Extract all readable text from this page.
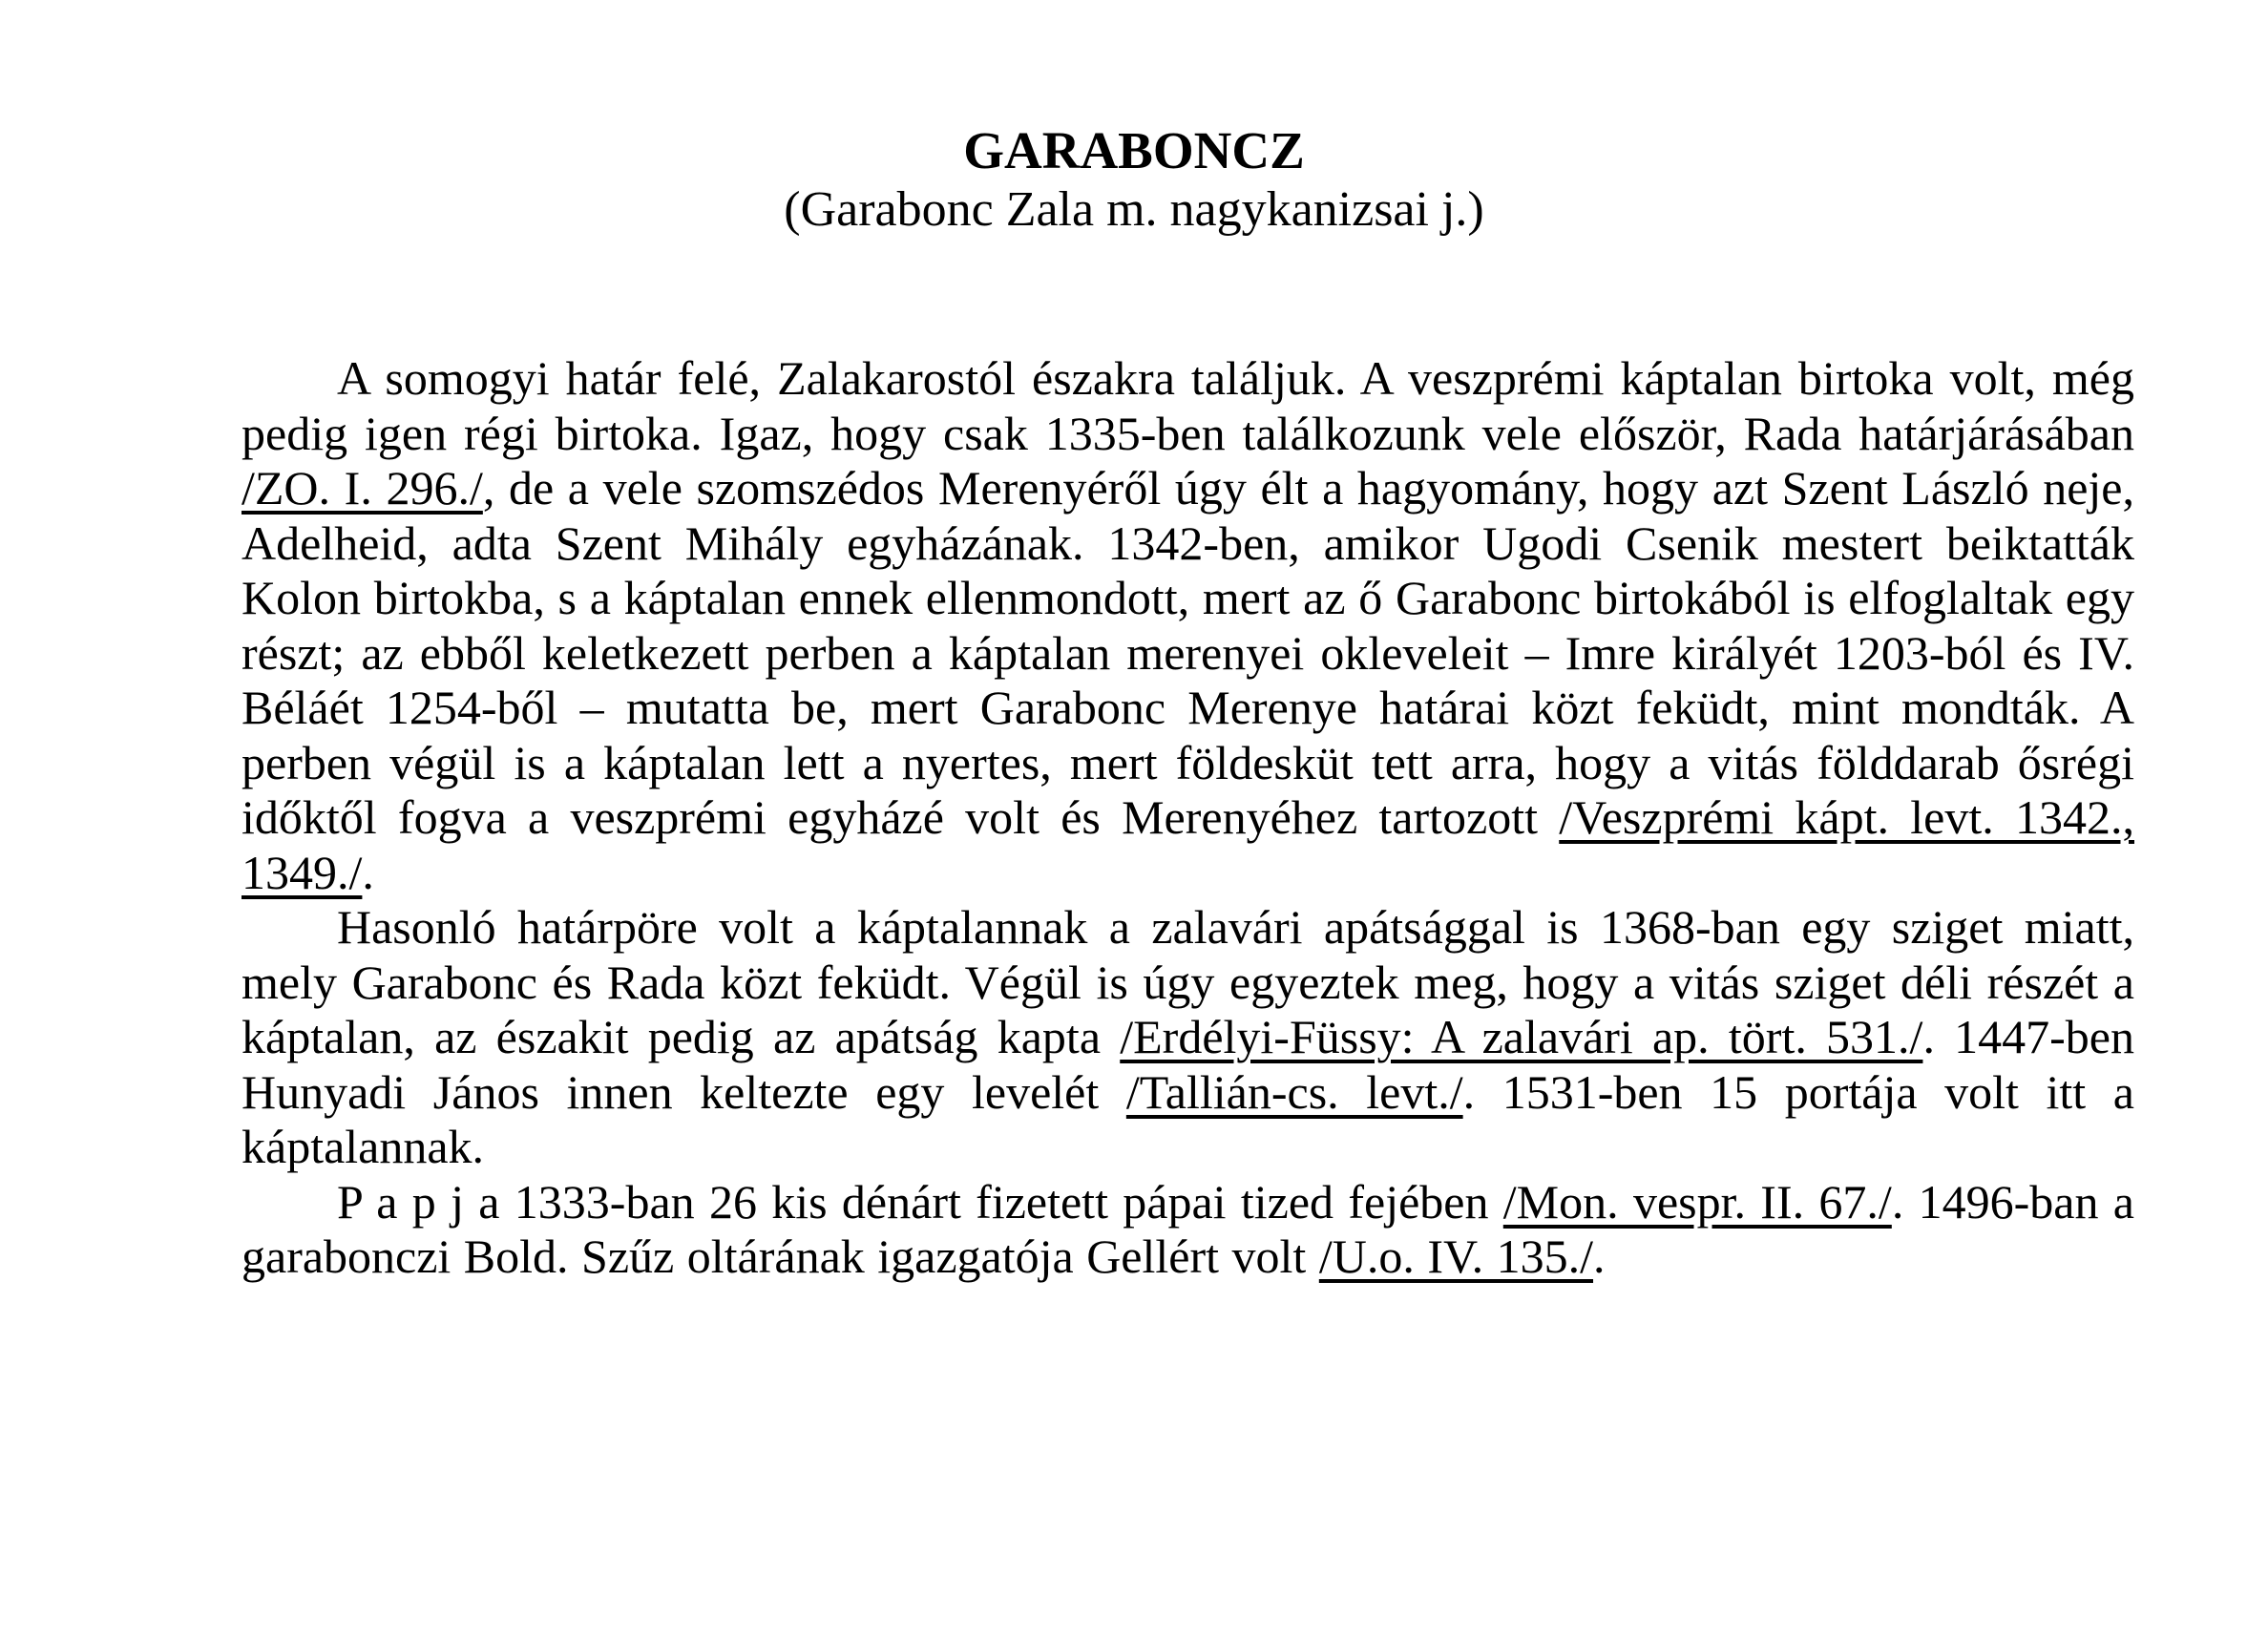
GARABONCZ
(Garabonc Zala m. nagykanizsai j.)

A somogyi határ felé, Zalakarostól északra találjuk. A veszprémi káptalan birtoka volt, még pedig igen régi birtoka. Igaz, hogy csak 1335-ben találkozunk vele először, Rada határjárásában /ZO. I. 296./, de a vele szomszédos Merenyéről úgy élt a hagyomány, hogy azt Szent László neje, Adelheid, adta Szent Mihály egyházának. 1342-ben, amikor Ugodi Csenik mestert beiktatták Kolon birtokba, s a káptalan ennek ellenmondott, mert az ő Garabonc birtokából is elfoglaltak egy részt; az ebből keletkezett perben a káptalan merenyei okleveleit – Imre királyét 1203-ból és IV. Béláét 1254-ből – mutatta be, mert Garabonc Merenye határai közt feküdt, mint mondták. A perben végül is a káptalan lett a nyertes, mert földesküt tett arra, hogy a vitás földdarab ősrégi időktől fogva a veszprémi egyházé volt és Merenyéhez tartozott /Veszprémi kápt. levt. 1342., 1349./.

Hasonló határpöre volt a káptalannak a zalavári apátsággal is 1368-ban egy sziget miatt, mely Garabonc és Rada közt feküdt. Végül is úgy egyeztek meg, hogy a vitás sziget déli részét a káptalan, az északit pedig az apátság kapta /Erdélyi-Füssy: A zalavári ap. tört. 531./. 1447-ben Hunyadi János innen keltezte egy levelét /Tallián-cs. levt./. 1531-ben 15 portája volt itt a káptalannak.

P a p j a 1333-ban 26 kis dénárt fizetett pápai tized fejében /Mon. vespr. II. 67./. 1496-ban a garabonczi Bold. Szűz oltárának igazgatója Gellért volt /U.o. IV. 135./.
